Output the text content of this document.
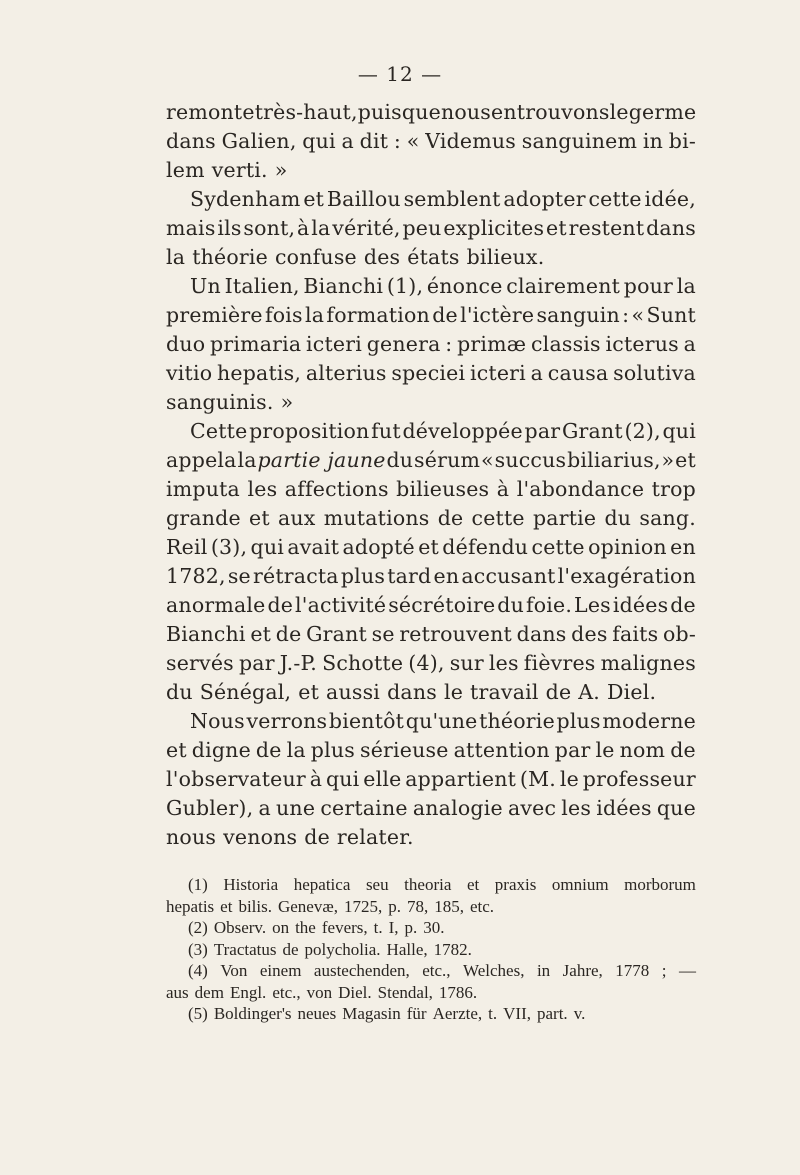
— 12 —
remonte très-haut, puisque nous en trouvons le germe
dans Galien, qui a dit : « Videmus sanguinem in bi-
lem verti. »
Sydenham et Baillou semblent adopter cette idée,
mais ils sont, à la vérité, peu explicites et restent dans
la théorie confuse des états bilieux.
Un Italien, Bianchi (1), énonce clairement pour la
première fois la formation de l'ictère sanguin : « Sunt
duo primaria icteri genera : primæ classis icterus a
vitio hepatis, alterius speciei icteri a causa solutiva
sanguinis. »
Cette proposition fut développée par Grant (2), qui
appela la partie jaune du sérum « succus biliarius, » et
imputa les affections bilieuses à l'abondance trop
grande et aux mutations de cette partie du sang.
Reil (3), qui avait adopté et défendu cette opinion en
1782, se rétracta plus tard en accusant l'exagération
anormale de l'activité sécrétoire du foie. Les idées de
Bianchi et de Grant se retrouvent dans des faits ob-
servés par J.-P. Schotte (4), sur les fièvres malignes
du Sénégal, et aussi dans le travail de A. Diel.
Nous verrons bientôt qu'une théorie plus moderne
et digne de la plus sérieuse attention par le nom de
l'observateur à qui elle appartient (M. le professeur
Gubler), a une certaine analogie avec les idées que
nous venons de relater.
(1) Historia hepatica seu theoria et praxis omnium morborum
hepatis et bilis. Genevæ, 1725, p. 78, 185, etc.
(2) Observ. on the fevers, t. I, p. 30.
(3) Tractatus de polycholia. Halle, 1782.
(4) Von einem austechenden, etc., Welches, in Jahre, 1778 ; —
aus dem Engl. etc., von Diel. Stendal, 1786.
(5) Boldinger's neues Magasin für Aerzte, t. VII, part. v.
